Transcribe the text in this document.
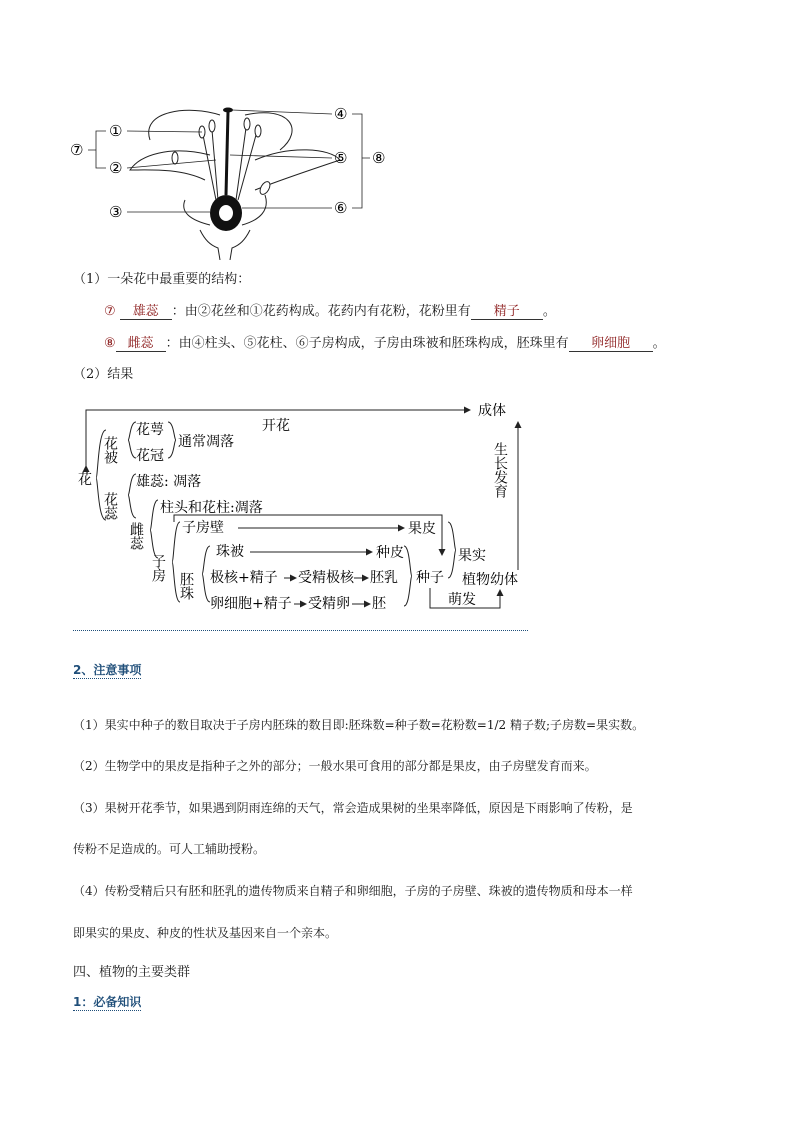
①
②
③
⑦
④
⑤
⑥
⑧
（1）一朵花中最重要的结构：
⑦ 雄蕊 ：由②花丝和①花药构成。花药内有花粉，花粉里有 精子 。
⑧ 雌蕊 ：由④柱头、⑤花柱、⑥子房构成，子房由珠被和胚珠构成，胚珠里有 卵细胞 。
（2）结果
开花
成体
花
花被
花萼
花冠
通常凋落
花蕊
雄蕊: 凋落
雌蕊
柱头和花柱:凋落
子房
子房壁	果皮
胚珠
珠被	种皮
极核+精子 受精极核 胚乳
卵细胞+精子 受精卵 胚
种子
果实
植物幼体
萌发
生长发育
2、注意事项
（1）果实中种子的数目取决于子房内胚珠的数目即:胚珠数=种子数=花粉数=1/2 精子数;子房数=果实数。
（2）生物学中的果皮是指种子之外的部分；一般水果可食用的部分都是果皮，由子房壁发育而来。
（3）果树开花季节，如果遇到阴雨连绵的天气，常会造成果树的坐果率降低，原因是下雨影响了传粉，是
传粉不足造成的。可人工辅助授粉。
（4）传粉受精后只有胚和胚乳的遗传物质来自精子和卵细胞，子房的子房壁、珠被的遗传物质和母本一样
即果实的果皮、种皮的性状及基因来自一个亲本。
四、植物的主要类群
1：必备知识
